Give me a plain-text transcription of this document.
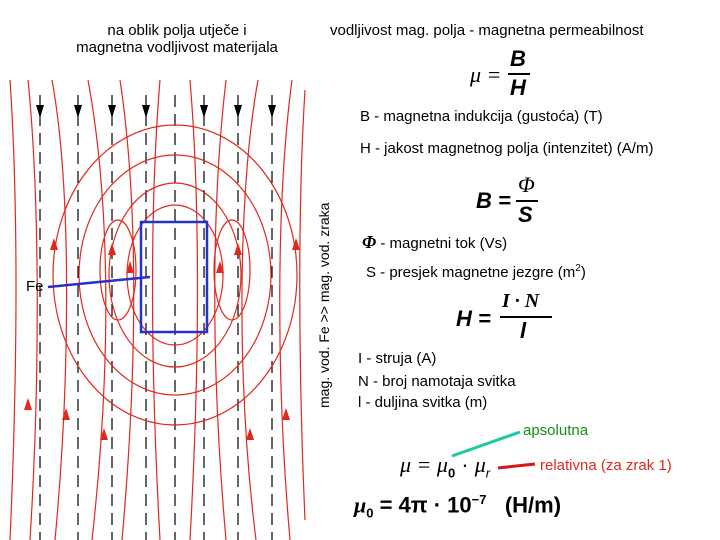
na oblik polja utječe i
magnetna vodljivost materijala
vodljivost mag. polja - magnetna permeabilnost
mag. vod. Fe >> mag. vod. zraka
Fe
μ =
B
H
B - magnetna indukcija (gustoća) (T)
H - jakost magnetnog polja (intenzitet) (A/m)
B =
Φ
S
Φ - magnetni tok (Vs)
S - presjek magnetne jezgre $(m^2)$
H =
I · N
l
I - struja (A)
N - broj namotaja svitka
l - duljina svitka (m)
apsolutna
relativna (za zrak 1)
$\mu = \mu_0 \cdot \mu_r$
$\mu_0 = 4\pi \cdot 10^{-7}$   (H/m)
